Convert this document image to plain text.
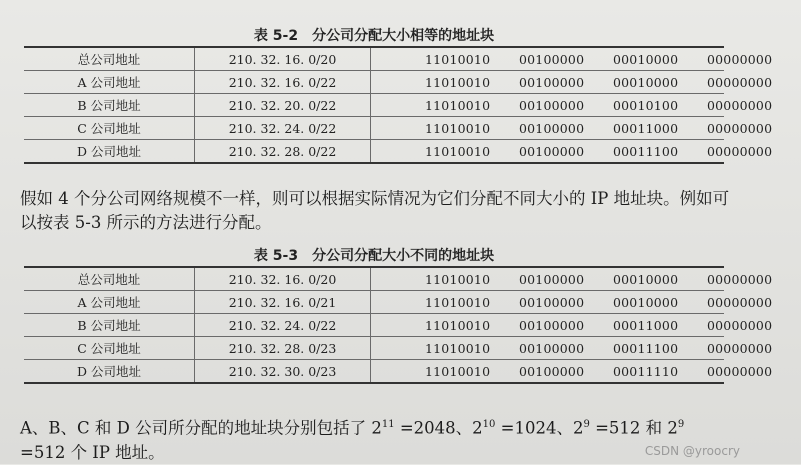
表 5-2　分公司分配大小相等的地址块
总公司地址	210. 32. 16. 0/20	11010010 00100000 00010000 00000000
A 公司地址	210. 32. 16. 0/22	11010010 00100000 00010000 00000000
B 公司地址	210. 32. 20. 0/22	11010010 00100000 00010100 00000000
C 公司地址	210. 32. 24. 0/22	11010010 00100000 00011000 00000000
D 公司地址	210. 32. 28. 0/22	11010010 00100000 00011100 00000000
假如 4 个分公司网络规模不一样，则可以根据实际情况为它们分配不同大小的 IP 地址块。例如可以按表 5-3 所示的方法进行分配。
表 5-3　分公司分配大小不同的地址块
总公司地址	210. 32. 16. 0/20	11010010 00100000 00010000 00000000
A 公司地址	210. 32. 16. 0/21	11010010 00100000 00010000 00000000
B 公司地址	210. 32. 24. 0/22	11010010 00100000 00011000 00000000
C 公司地址	210. 32. 28. 0/23	11010010 00100000 00011100 00000000
D 公司地址	210. 32. 30. 0/23	11010010 00100000 00011110 00000000
A、B、C 和 D 公司所分配的地址块分别包括了 $2^{11} =2048$、$2^{10} =1024$、$2^9 =512$ 和 $2^9 =512$ 个 IP 地址。	CSDN @yroocry
